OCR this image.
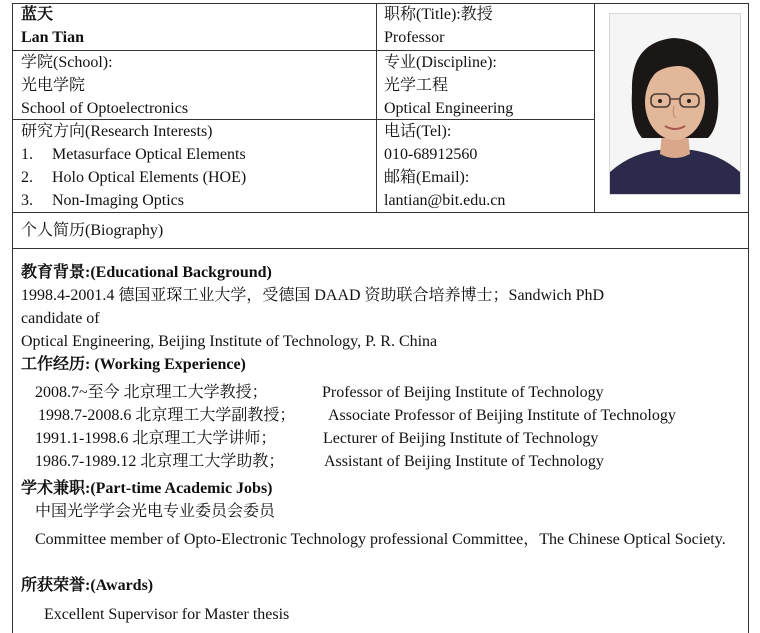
蓝天
Lan Tian
职称(Title):教授
Professor
学院(School):
光电学院
School of Optoelectronics
专业(Discipline):
光学工程
Optical Engineering
研究方向(Research Interests)
1. Metasurface Optical Elements
2. Holo Optical Elements (HOE)
3. Non-Imaging Optics
电话(Tel):
010-68912560
邮箱(Email):
lantian@bit.edu.cn
个人简历(Biography)
教育背景:(Educational Background)
1998.4-2001.4 德国亚琛工业大学，受德国 DAAD 资助联合培养博士；Sandwich PhD
candidate of
Optical Engineering, Beijing Institute of Technology, P. R. China
工作经历: (Working Experience)
2008.7~至今 北京理工大学教授；	Professor of Beijing Institute of Technology
1998.7-2008.6 北京理工大学副教授； Associate Professor of Beijing Institute of Technology
1991.1-1998.6 北京理工大学讲师；	Lecturer of Beijing Institute of Technology
1986.7-1989.12 北京理工大学助教； Assistant of Beijing Institute of Technology
学术兼职:(Part-time Academic Jobs)
中国光学学会光电专业委员会委员
Committee member of Opto-Electronic Technology professional Committee，The Chinese Optical Society.
所获荣誉:(Awards)
Excellent Supervisor for Master thesis
